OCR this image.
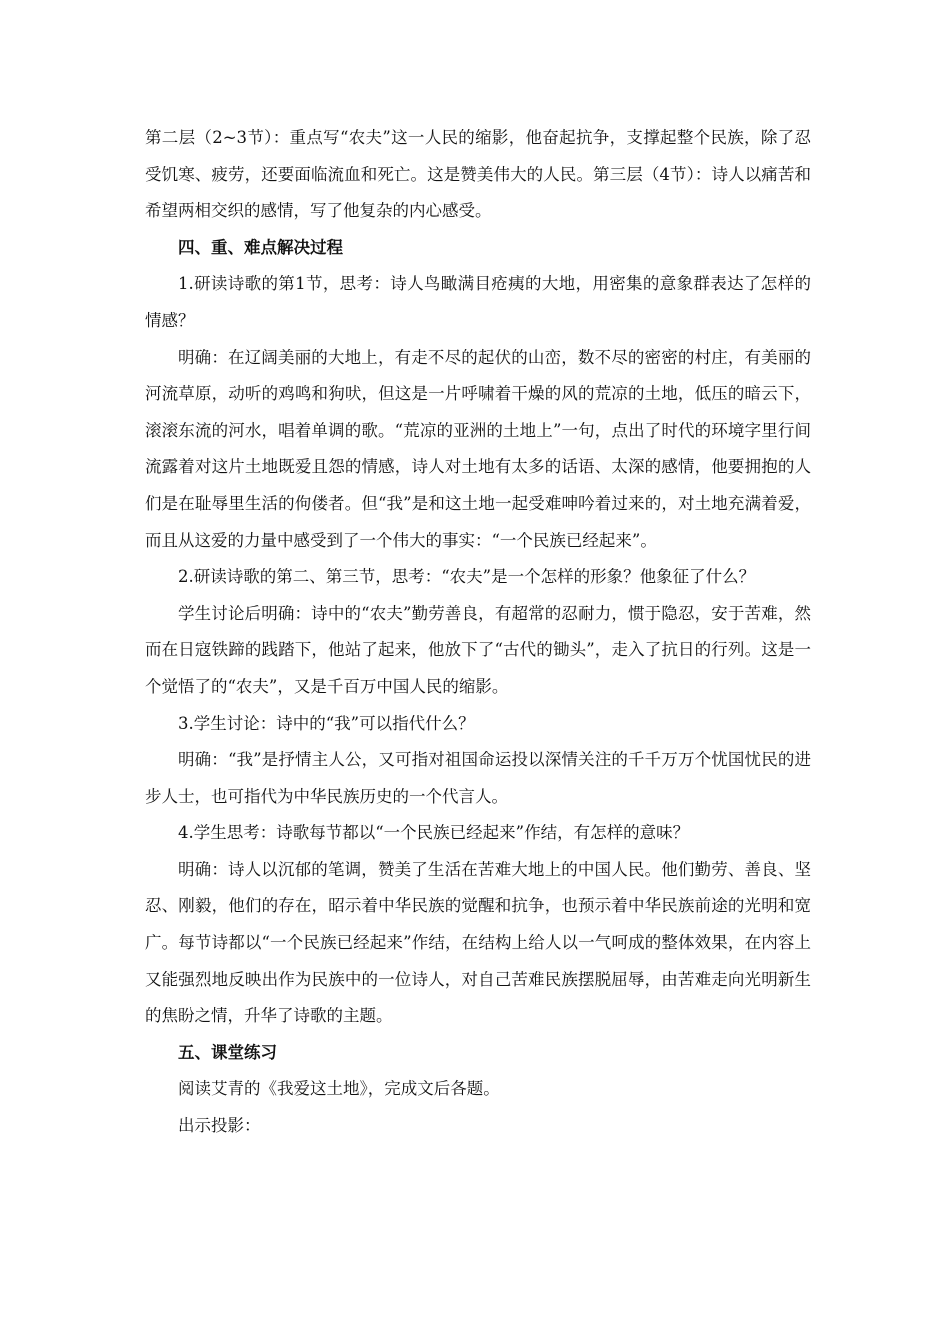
第二层（2~3节）：重点写“农夫”这一人民的缩影，他奋起抗争，支撑起整个民族，除了忍受饥寒、疲劳，还要面临流血和死亡。这是赞美伟大的人民。第三层（4节）：诗人以痛苦和希望两相交织的感情，写了他复杂的内心感受。

四、重、难点解决过程

1.研读诗歌的第1节，思考：诗人鸟瞰满目疮痍的大地，用密集的意象群表达了怎样的情感？

明确：在辽阔美丽的大地上，有走不尽的起伏的山峦，数不尽的密密的村庄，有美丽的河流草原，动听的鸡鸣和狗吠，但这是一片呼啸着干燥的风的荒凉的土地，低压的暗云下，滚滚东流的河水，唱着单调的歌。“荒凉的亚洲的土地上”一句，点出了时代的环境字里行间流露着对这片土地既爱且怨的情感，诗人对土地有太多的话语、太深的感情，他要拥抱的人们是在耻辱里生活的佝偻者。但“我”是和这土地一起受难呻吟着过来的，对土地充满着爱，而且从这爱的力量中感受到了一个伟大的事实：“一个民族已经起来”。

2.研读诗歌的第二、第三节，思考：“农夫”是一个怎样的形象？他象征了什么？

学生讨论后明确：诗中的“农夫”勤劳善良，有超常的忍耐力，惯于隐忍，安于苦难，然而在日寇铁蹄的践踏下，他站了起来，他放下了“古代的锄头”，走入了抗日的行列。这是一个觉悟了的“农夫”，又是千百万中国人民的缩影。

3.学生讨论：诗中的“我”可以指代什么？

明确：“我”是抒情主人公，又可指对祖国命运投以深情关注的千千万万个忧国忧民的进步人士，也可指代为中华民族历史的一个代言人。

4.学生思考：诗歌每节都以“一个民族已经起来”作结，有怎样的意味？

明确：诗人以沉郁的笔调，赞美了生活在苦难大地上的中国人民。他们勤劳、善良、坚忍、刚毅，他们的存在，昭示着中华民族的觉醒和抗争，也预示着中华民族前途的光明和宽广。每节诗都以“一个民族已经起来”作结，在结构上给人以一气呵成的整体效果，在内容上又能强烈地反映出作为民族中的一位诗人，对自己苦难民族摆脱屈辱，由苦难走向光明新生的焦盼之情，升华了诗歌的主题。

五、课堂练习

阅读艾青的《我爱这土地》，完成文后各题。

出示投影：
